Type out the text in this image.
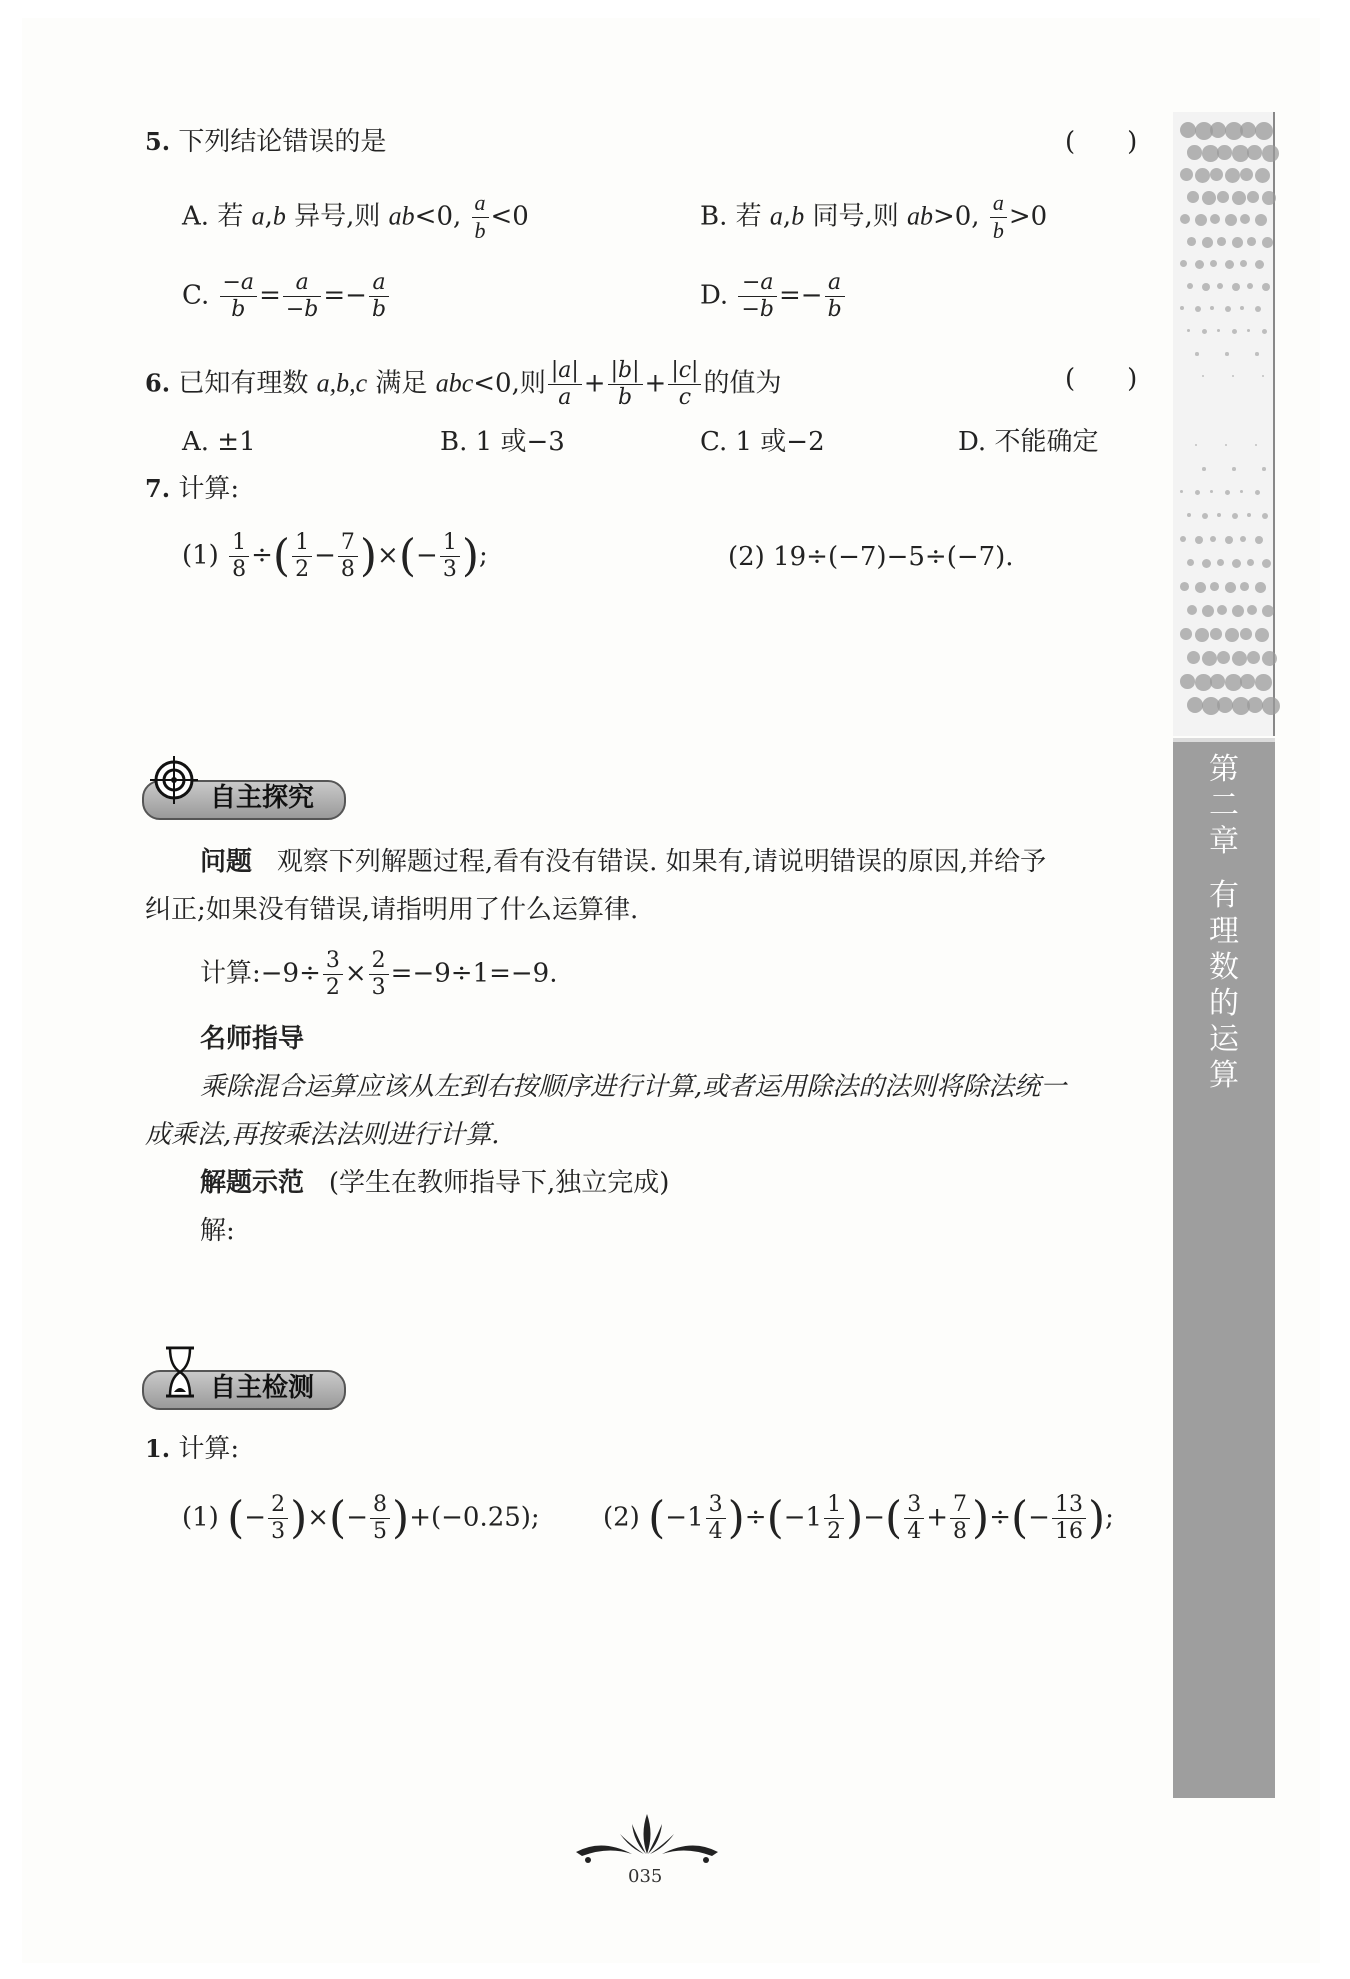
第
二
章

有
理
数
的
运
算
5. 下列结论错误的是	(　　)
A. 若 a,b 异号,则 ab<0, $\frac{a}{b} <0$	B. 若 a,b 同号,则 ab>0, $\frac{a}{b} >0$
C. $\frac{-a}{b} = \frac{a}{-b} =- \frac{a}{b}$	D. $\frac{-a}{-b} =- \frac{a}{b}$
6. 已知有理数 a,b,c 满足 abc<0,则 $\frac{|a|}{a} + \frac{|b|}{b} + \frac{|c|}{c}$ 的值为	(　　)
A. ±1	B. 1 或−3	C. 1 或−2	D. 不能确定
7. 计算:
$(1) \frac{1}{8}$ ÷( $\frac{1}{2} - \frac{7}{8}$ )×(− $\frac{1}{3}$ );	(2) 19÷(−7)−5÷(−7).
自主探究
问题 观察下列解题过程,看有没有错误. 如果有,请说明错误的原因,并给予
纠正;如果没有错误,请指明用了什么运算律.
计算:−9÷ $\frac{3}{2} \times \frac{2}{3} =-9\div 1=-9$.
名师指导
乘除混合运算应该从左到右按顺序进行计算,或者运用除法的法则将除法统一
成乘法,再按乘法法则进行计算.
解题示范 (学生在教师指导下,独立完成)
解:
自主检测
1. 计算:
(1) (− $\frac{2}{3}$ )×(− $\frac{8}{5} )+(-0.25)$; (2) $(-1 \frac{3}{4} )\div(-1 \frac{1}{2}$ )−( $\frac{3}{4} + \frac{7}{8}$ )÷(− $\frac{13}{16}$ );
035
